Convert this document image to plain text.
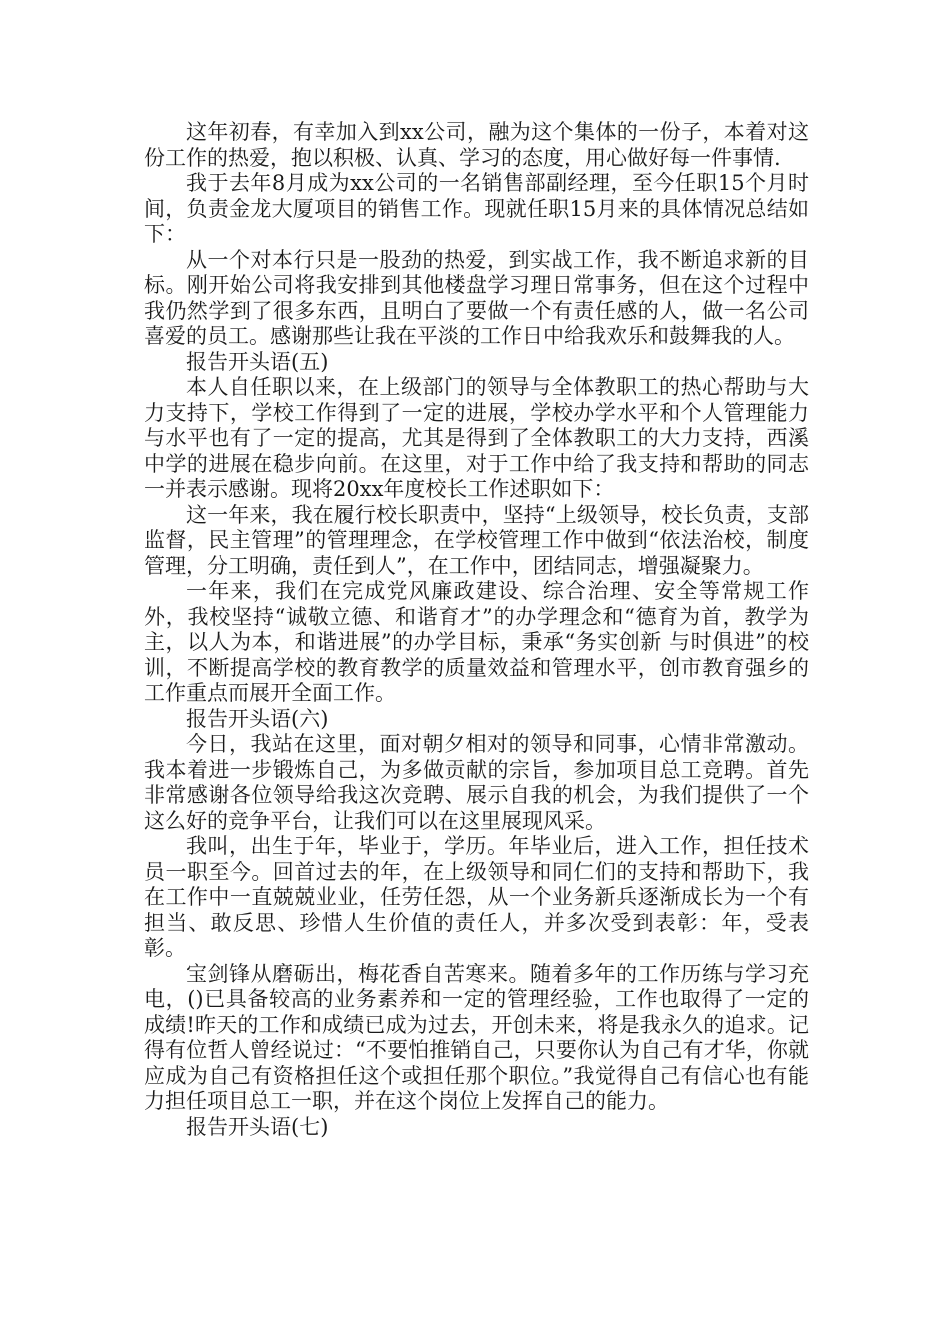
这年初春，有幸加入到xx公司，融为这个集体的一份子，本着对这份工作的热爱，抱以积极、认真、学习的态度，用心做好每一件事情.

我于去年8月成为xx公司的一名销售部副经理，至今任职15个月时间，负责金龙大厦项目的销售工作。现就任职15月来的具体情况总结如下：

从一个对本行只是一股劲的热爱，到实战工作，我不断追求新的目标。刚开始公司将我安排到其他楼盘学习理日常事务，但在这个过程中我仍然学到了很多东西，且明白了要做一个有责任感的人，做一名公司喜爱的员工。感谢那些让我在平淡的工作日中给我欢乐和鼓舞我的人。

报告开头语(五)

本人自任职以来，在上级部门的领导与全体教职工的热心帮助与大力支持下，学校工作得到了一定的进展，学校办学水平和个人管理能力与水平也有了一定的提高，尤其是得到了全体教职工的大力支持，西溪中学的进展在稳步向前。在这里，对于工作中给了我支持和帮助的同志一并表示感谢。现将20xx年度校长工作述职如下：

这一年来，我在履行校长职责中，坚持“上级领导，校长负责，支部监督，民主管理”的管理理念，在学校管理工作中做到“依法治校，制度管理，分工明确，责任到人”，在工作中，团结同志，增强凝聚力。

一年来，我们在完成党风廉政建设、综合治理、安全等常规工作外，我校坚持“诚敬立德、和谐育才”的办学理念和“德育为首，教学为主，以人为本，和谐进展”的办学目标，秉承“务实创新 与时俱进”的校训，不断提高学校的教育教学的质量效益和管理水平，创市教育强乡的工作重点而展开全面工作。

报告开头语(六)

今日，我站在这里，面对朝夕相对的领导和同事，心情非常激动。我本着进一步锻炼自己，为多做贡献的宗旨，参加项目总工竞聘。首先非常感谢各位领导给我这次竞聘、展示自我的机会，为我们提供了一个这么好的竞争平台，让我们可以在这里展现风采。

我叫，出生于年，毕业于，学历。年毕业后，进入工作，担任技术员一职至今。回首过去的年，在上级领导和同仁们的支持和帮助下，我在工作中一直兢兢业业，任劳任怨，从一个业务新兵逐渐成长为一个有担当、敢反思、珍惜人生价值的责任人，并多次受到表彰：年，受表彰。

宝剑锋从磨砺出，梅花香自苦寒来。随着多年的工作历练与学习充电，()已具备较高的业务素养和一定的管理经验，工作也取得了一定的成绩!昨天的工作和成绩已成为过去，开创未来，将是我永久的追求。记得有位哲人曾经说过：“不要怕推销自己，只要你认为自己有才华，你就应成为自己有资格担任这个或担任那个职位。”我觉得自己有信心也有能力担任项目总工一职，并在这个岗位上发挥自己的能力。

报告开头语(七)
